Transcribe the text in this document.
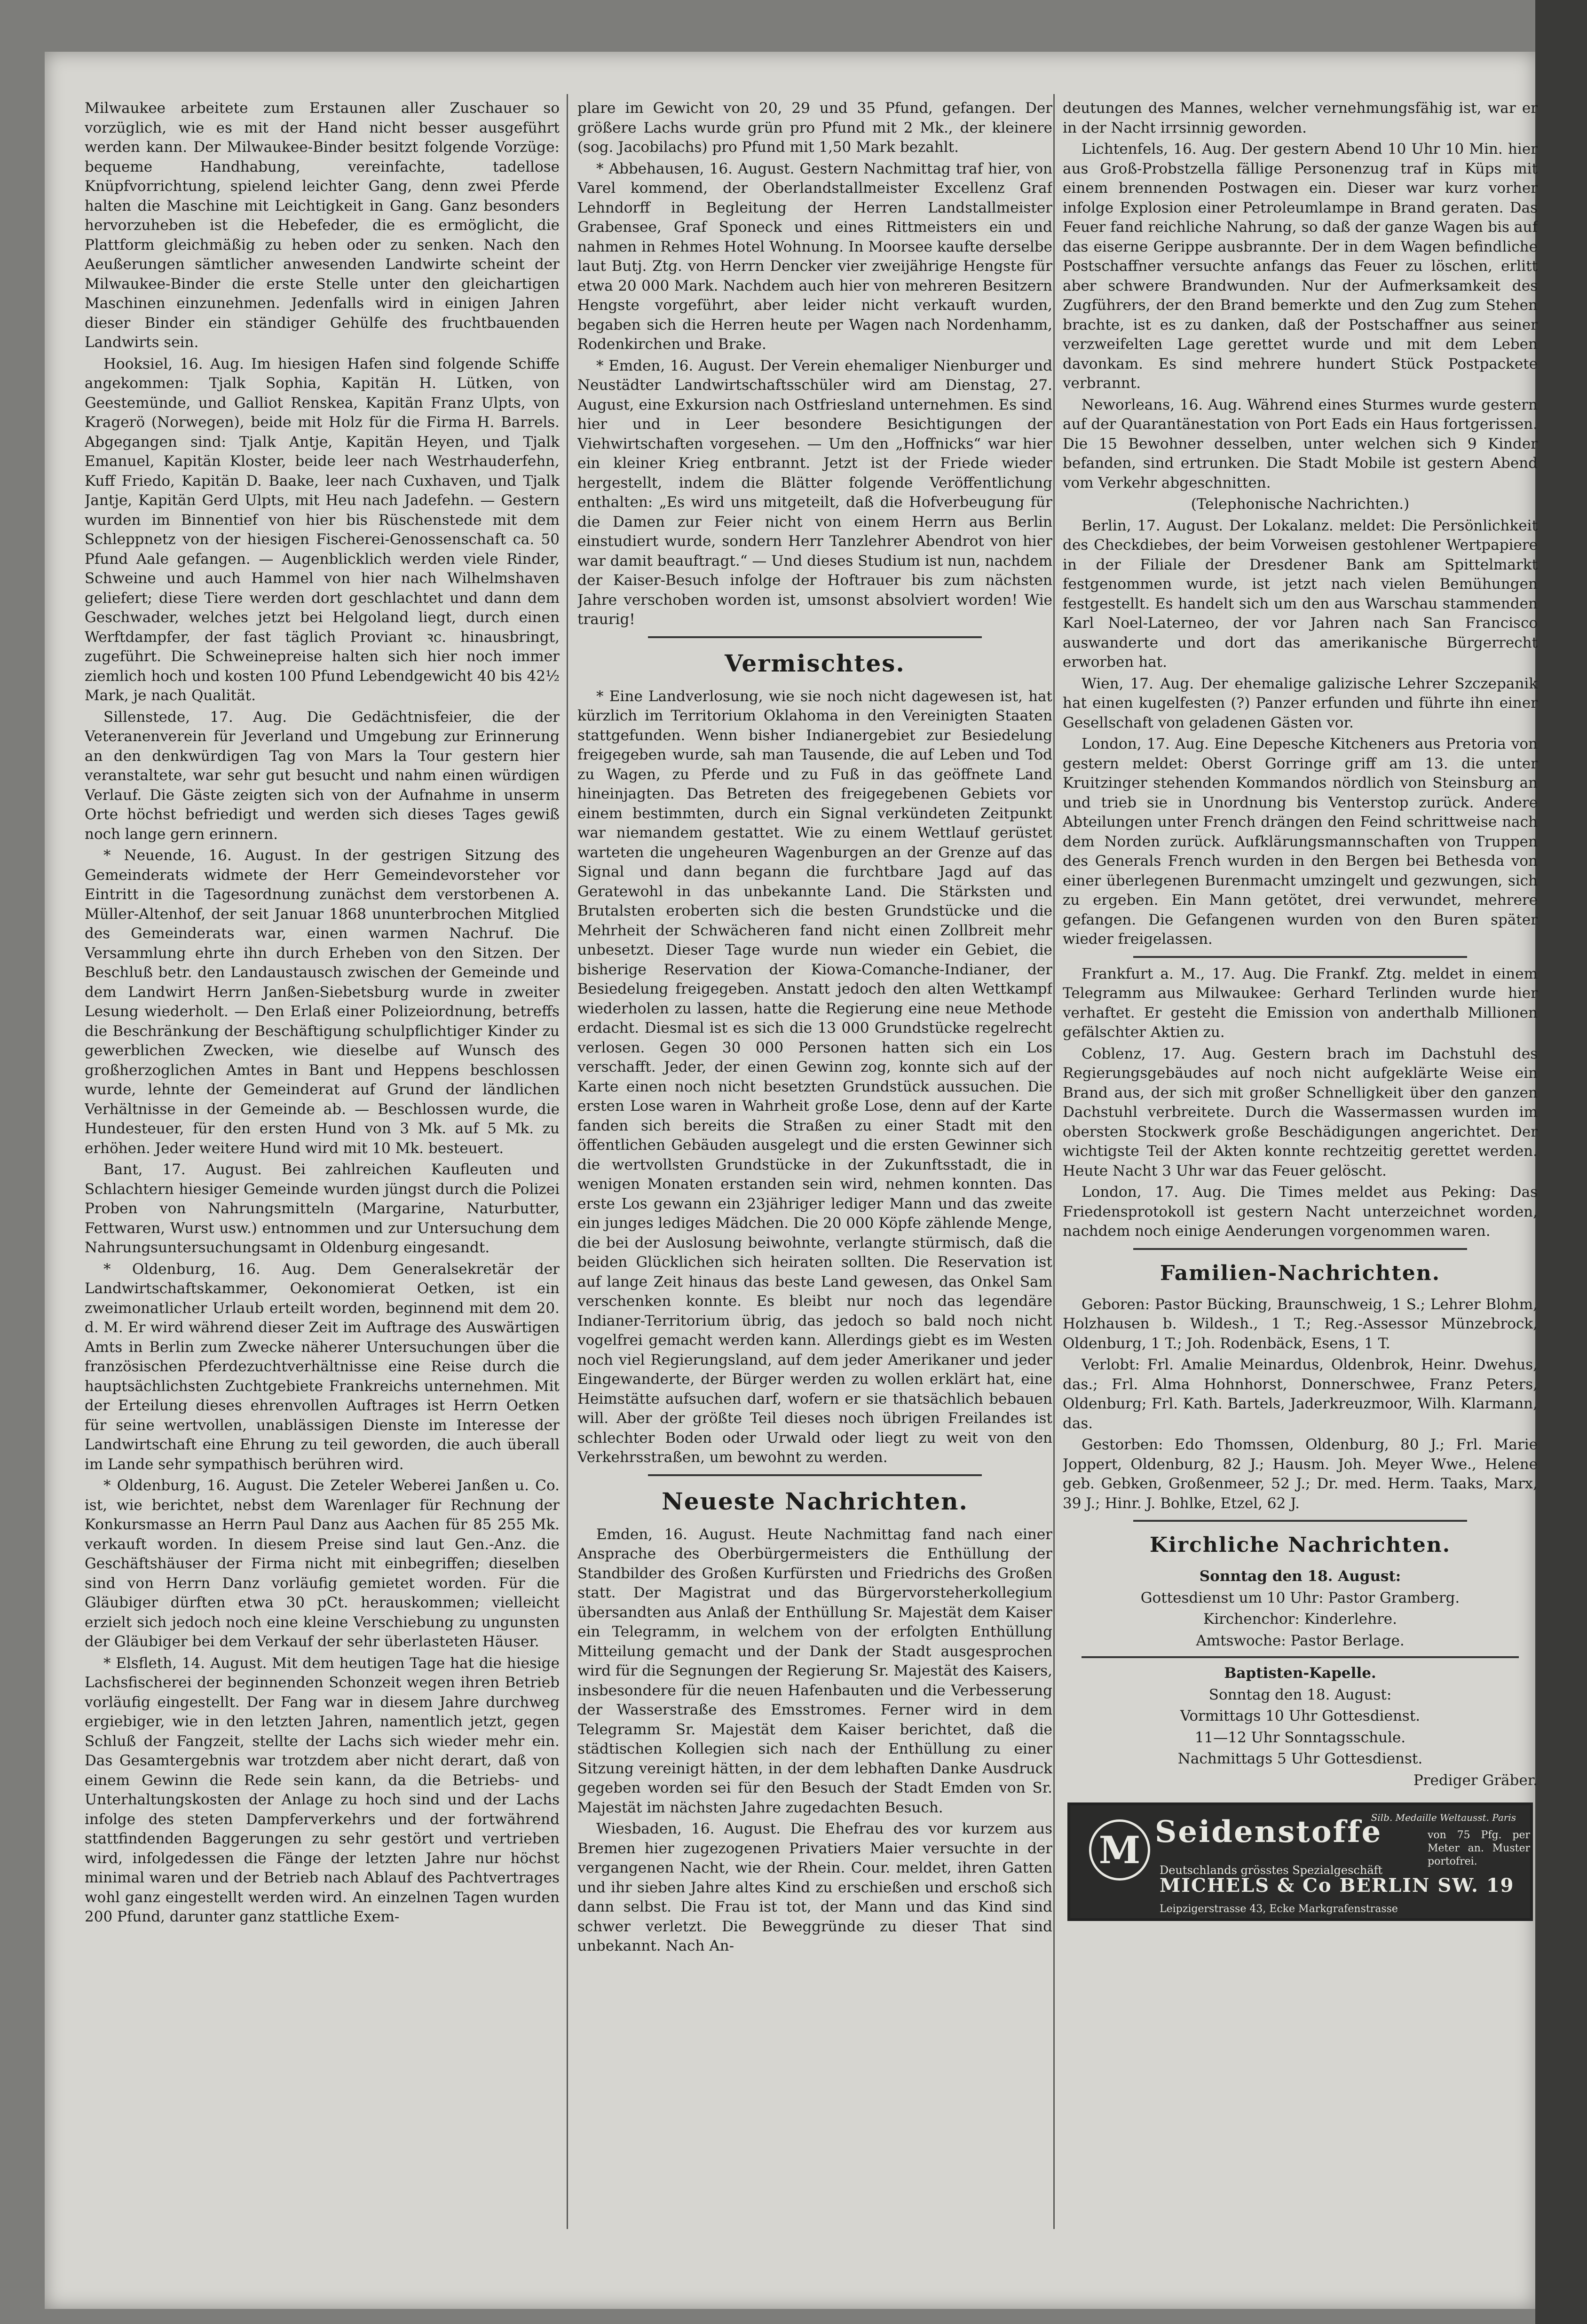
Milwaukee arbeitete zum Erstaunen aller Zuschauer so vorzüglich, wie es mit der Hand nicht besser ausgeführt werden kann. Der Milwaukee-Binder besitzt folgende Vorzüge: bequeme Handhabung, vereinfachte, tadellose Knüpfvorrichtung, spielend leichter Gang, denn zwei Pferde halten die Maschine mit Leichtigkeit in Gang. Ganz besonders hervorzuheben ist die Hebefeder, die es ermöglicht, die Plattform gleichmäßig zu heben oder zu senken. Nach den Aeußerungen sämtlicher anwesenden Landwirte scheint der Milwaukee-Binder die erste Stelle unter den gleichartigen Maschinen einzunehmen. Jedenfalls wird in einigen Jahren dieser Binder ein ständiger Gehülfe des fruchtbauenden Landwirts sein.

Hooksiel, 16. Aug. Im hiesigen Hafen sind folgende Schiffe angekommen: Tjalk Sophia, Kapitän H. Lütken, von Geestemünde, und Galliot Renskea, Kapitän Franz Ulpts, von Kragerö (Norwegen), beide mit Holz für die Firma H. Barrels. Abgegangen sind: Tjalk Antje, Kapitän Heyen, und Tjalk Emanuel, Kapitän Kloster, beide leer nach Westrhauderfehn, Kuff Friedo, Kapitän D. Baake, leer nach Cuxhaven, und Tjalk Jantje, Kapitän Gerd Ulpts, mit Heu nach Jadefehn. — Gestern wurden im Binnentief von hier bis Rüschenstede mit dem Schleppnetz von der hiesigen Fischerei-Genossenschaft ca. 50 Pfund Aale gefangen. — Augenblicklich werden viele Rinder, Schweine und auch Hammel von hier nach Wilhelmshaven geliefert; diese Tiere werden dort geschlachtet und dann dem Geschwader, welches jetzt bei Helgoland liegt, durch einen Werftdampfer, der fast täglich Proviant ꝛc. hinausbringt, zugeführt. Die Schweinepreise halten sich hier noch immer ziemlich hoch und kosten 100 Pfund Lebendgewicht 40 bis 42½ Mark, je nach Qualität.

Sillenstede, 17. Aug. Die Gedächtnisfeier, die der Veteranenverein für Jeverland und Umgebung zur Erinnerung an den denkwürdigen Tag von Mars la Tour gestern hier veranstaltete, war sehr gut besucht und nahm einen würdigen Verlauf. Die Gäste zeigten sich von der Aufnahme in unserm Orte höchst befriedigt und werden sich dieses Tages gewiß noch lange gern erinnern.

* Neuende, 16. August. In der gestrigen Sitzung des Gemeinderats widmete der Herr Gemeindevorsteher vor Eintritt in die Tagesordnung zunächst dem verstorbenen A. Müller-Altenhof, der seit Januar 1868 ununterbrochen Mitglied des Gemeinderats war, einen warmen Nachruf. Die Versammlung ehrte ihn durch Erheben von den Sitzen. Der Beschluß betr. den Landaustausch zwischen der Gemeinde und dem Landwirt Herrn Janßen-Siebetsburg wurde in zweiter Lesung wiederholt. — Den Erlaß einer Polizeiordnung, betreffs die Beschränkung der Beschäftigung schulpflichtiger Kinder zu gewerblichen Zwecken, wie dieselbe auf Wunsch des großherzoglichen Amtes in Bant und Heppens beschlossen wurde, lehnte der Gemeinderat auf Grund der ländlichen Verhältnisse in der Gemeinde ab. — Beschlossen wurde, die Hundesteuer, für den ersten Hund von 3 Mk. auf 5 Mk. zu erhöhen. Jeder weitere Hund wird mit 10 Mk. besteuert.

Bant, 17. August. Bei zahlreichen Kaufleuten und Schlachtern hiesiger Gemeinde wurden jüngst durch die Polizei Proben von Nahrungsmitteln (Margarine, Naturbutter, Fettwaren, Wurst usw.) entnommen und zur Untersuchung dem Nahrungsuntersuchungsamt in Oldenburg eingesandt.

* Oldenburg, 16. Aug. Dem Generalsekretär der Landwirtschaftskammer, Oekonomierat Oetken, ist ein zweimonatlicher Urlaub erteilt worden, beginnend mit dem 20. d. M. Er wird während dieser Zeit im Auftrage des Auswärtigen Amts in Berlin zum Zwecke näherer Untersuchungen über die französischen Pferdezuchtverhältnisse eine Reise durch die hauptsächlichsten Zuchtgebiete Frankreichs unternehmen. Mit der Erteilung dieses ehrenvollen Auftrages ist Herrn Oetken für seine wertvollen, unablässigen Dienste im Interesse der Landwirtschaft eine Ehrung zu teil geworden, die auch überall im Lande sehr sympathisch berühren wird.

* Oldenburg, 16. August. Die Zeteler Weberei Janßen u. Co. ist, wie berichtet, nebst dem Warenlager für Rechnung der Konkursmasse an Herrn Paul Danz aus Aachen für 85 255 Mk. verkauft worden. In diesem Preise sind laut Gen.-Anz. die Geschäftshäuser der Firma nicht mit einbegriffen; dieselben sind von Herrn Danz vorläufig gemietet worden. Für die Gläubiger dürften etwa 30 pCt. herauskommen; vielleicht erzielt sich jedoch noch eine kleine Verschiebung zu ungunsten der Gläubiger bei dem Verkauf der sehr überlasteten Häuser.

* Elsfleth, 14. August. Mit dem heutigen Tage hat die hiesige Lachsfischerei der beginnenden Schonzeit wegen ihren Betrieb vorläufig eingestellt. Der Fang war in diesem Jahre durchweg ergiebiger, wie in den letzten Jahren, namentlich jetzt, gegen Schluß der Fangzeit, stellte der Lachs sich wieder mehr ein. Das Gesamtergebnis war trotzdem aber nicht derart, daß von einem Gewinn die Rede sein kann, da die Betriebs- und Unterhaltungskosten der Anlage zu hoch sind und der Lachs infolge des steten Dampferverkehrs und der fortwährend stattfindenden Baggerungen zu sehr gestört und vertrieben wird, infolgedessen die Fänge der letzten Jahre nur höchst minimal waren und der Betrieb nach Ablauf des Pachtvertrages wohl ganz eingestellt werden wird. An einzelnen Tagen wurden 200 Pfund, darunter ganz stattliche Exem-

plare im Gewicht von 20, 29 und 35 Pfund, gefangen. Der größere Lachs wurde grün pro Pfund mit 2 Mk., der kleinere (sog. Jacobilachs) pro Pfund mit 1,50 Mark bezahlt.

* Abbehausen, 16. August. Gestern Nachmittag traf hier, von Varel kommend, der Oberlandstallmeister Excellenz Graf Lehndorff in Begleitung der Herren Landstallmeister Grabensee, Graf Sponeck und eines Rittmeisters ein und nahmen in Rehmes Hotel Wohnung. In Moorsee kaufte derselbe laut Butj. Ztg. von Herrn Dencker vier zweijährige Hengste für etwa 20 000 Mark. Nachdem auch hier von mehreren Besitzern Hengste vorgeführt, aber leider nicht verkauft wurden, begaben sich die Herren heute per Wagen nach Nordenhamm, Rodenkirchen und Brake.

* Emden, 16. August. Der Verein ehemaliger Nienburger und Neustädter Landwirtschaftsschüler wird am Dienstag, 27. August, eine Exkursion nach Ostfriesland unternehmen. Es sind hier und in Leer besondere Besichtigungen der Viehwirtschaften vorgesehen. — Um den „Hoffnicks“ war hier ein kleiner Krieg entbrannt. Jetzt ist der Friede wieder hergestellt, indem die Blätter folgende Veröffentlichung enthalten: „Es wird uns mitgeteilt, daß die Hofverbeugung für die Damen zur Feier nicht von einem Herrn aus Berlin einstudiert wurde, sondern Herr Tanzlehrer Abendrot von hier war damit beauftragt.“ — Und dieses Studium ist nun, nachdem der Kaiser-Besuch infolge der Hoftrauer bis zum nächsten Jahre verschoben worden ist, umsonst absolviert worden! Wie traurig!

Vermischtes.

* Eine Landverlosung, wie sie noch nicht dagewesen ist, hat kürzlich im Territorium Oklahoma in den Vereinigten Staaten stattgefunden. Wenn bisher Indianergebiet zur Besiedelung freigegeben wurde, sah man Tausende, die auf Leben und Tod zu Wagen, zu Pferde und zu Fuß in das geöffnete Land hineinjagten. Das Betreten des freigegebenen Gebiets vor einem bestimmten, durch ein Signal verkündeten Zeitpunkt war niemandem gestattet. Wie zu einem Wettlauf gerüstet warteten die ungeheuren Wagenburgen an der Grenze auf das Signal und dann begann die furchtbare Jagd auf das Geratewohl in das unbekannte Land. Die Stärksten und Brutalsten eroberten sich die besten Grundstücke und die Mehrheit der Schwächeren fand nicht einen Zollbreit mehr unbesetzt. Dieser Tage wurde nun wieder ein Gebiet, die bisherige Reservation der Kiowa-Comanche-Indianer, der Besiedelung freigegeben. Anstatt jedoch den alten Wettkampf wiederholen zu lassen, hatte die Regierung eine neue Methode erdacht. Diesmal ist es sich die 13 000 Grundstücke regelrecht verlosen. Gegen 30 000 Personen hatten sich ein Los verschafft. Jeder, der einen Gewinn zog, konnte sich auf der Karte einen noch nicht besetzten Grundstück aussuchen. Die ersten Lose waren in Wahrheit große Lose, denn auf der Karte fanden sich bereits die Straßen zu einer Stadt mit den öffentlichen Gebäuden ausgelegt und die ersten Gewinner sich die wertvollsten Grundstücke in der Zukunftsstadt, die in wenigen Monaten erstanden sein wird, nehmen konnten. Das erste Los gewann ein 23jähriger lediger Mann und das zweite ein junges lediges Mädchen. Die 20 000 Köpfe zählende Menge, die bei der Auslosung beiwohnte, verlangte stürmisch, daß die beiden Glücklichen sich heiraten sollten. Die Reservation ist auf lange Zeit hinaus das beste Land gewesen, das Onkel Sam verschenken konnte. Es bleibt nur noch das legendäre Indianer-Territorium übrig, das jedoch so bald noch nicht vogelfrei gemacht werden kann. Allerdings giebt es im Westen noch viel Regierungsland, auf dem jeder Amerikaner und jeder Eingewanderte, der Bürger werden zu wollen erklärt hat, eine Heimstätte aufsuchen darf, wofern er sie thatsächlich bebauen will. Aber der größte Teil dieses noch übrigen Freilandes ist schlechter Boden oder Urwald oder liegt zu weit von den Verkehrsstraßen, um bewohnt zu werden.

Neueste Nachrichten.

Emden, 16. August. Heute Nachmittag fand nach einer Ansprache des Oberbürgermeisters die Enthüllung der Standbilder des Großen Kurfürsten und Friedrichs des Großen statt. Der Magistrat und das Bürgervorsteherkollegium übersandten aus Anlaß der Enthüllung Sr. Majestät dem Kaiser ein Telegramm, in welchem von der erfolgten Enthüllung Mitteilung gemacht und der Dank der Stadt ausgesprochen wird für die Segnungen der Regierung Sr. Majestät des Kaisers, insbesondere für die neuen Hafenbauten und die Verbesserung der Wasserstraße des Emsstromes. Ferner wird in dem Telegramm Sr. Majestät dem Kaiser berichtet, daß die städtischen Kollegien sich nach der Enthüllung zu einer Sitzung vereinigt hätten, in der dem lebhaften Danke Ausdruck gegeben worden sei für den Besuch der Stadt Emden von Sr. Majestät im nächsten Jahre zugedachten Besuch.

Wiesbaden, 16. August. Die Ehefrau des vor kurzem aus Bremen hier zugezogenen Privatiers Maier versuchte in der vergangenen Nacht, wie der Rhein. Cour. meldet, ihren Gatten und ihr sieben Jahre altes Kind zu erschießen und erschoß sich dann selbst. Die Frau ist tot, der Mann und das Kind sind schwer verletzt. Die Beweggründe zu dieser That sind unbekannt. Nach An-

deutungen des Mannes, welcher vernehmungsfähig ist, war er in der Nacht irrsinnig geworden.

Lichtenfels, 16. Aug. Der gestern Abend 10 Uhr 10 Min. hier aus Groß-Probstzella fällige Personenzug traf in Küps mit einem brennenden Postwagen ein. Dieser war kurz vorher infolge Explosion einer Petroleumlampe in Brand geraten. Das Feuer fand reichliche Nahrung, so daß der ganze Wagen bis auf das eiserne Gerippe ausbrannte. Der in dem Wagen befindliche Postschaffner versuchte anfangs das Feuer zu löschen, erlitt aber schwere Brandwunden. Nur der Aufmerksamkeit des Zugführers, der den Brand bemerkte und den Zug zum Stehen brachte, ist es zu danken, daß der Postschaffner aus seiner verzweifelten Lage gerettet wurde und mit dem Leben davonkam. Es sind mehrere hundert Stück Postpackete verbrannt.

Neworleans, 16. Aug. Während eines Sturmes wurde gestern auf der Quarantänestation von Port Eads ein Haus fortgerissen. Die 15 Bewohner desselben, unter welchen sich 9 Kinder befanden, sind ertrunken. Die Stadt Mobile ist gestern Abend vom Verkehr abgeschnitten.

(Telephonische Nachrichten.)

Berlin, 17. August. Der Lokalanz. meldet: Die Persönlichkeit des Checkdiebes, der beim Vorweisen gestohlener Wertpapiere in der Filiale der Dresdener Bank am Spittelmarkt festgenommen wurde, ist jetzt nach vielen Bemühungen festgestellt. Es handelt sich um den aus Warschau stammenden Karl Noel-Laterneo, der vor Jahren nach San Francisco auswanderte und dort das amerikanische Bürgerrecht erworben hat.

Wien, 17. Aug. Der ehemalige galizische Lehrer Szczepanik hat einen kugelfesten (?) Panzer erfunden und führte ihn einer Gesellschaft von geladenen Gästen vor.

London, 17. Aug. Eine Depesche Kitcheners aus Pretoria von gestern meldet: Oberst Gorringe griff am 13. die unter Kruitzinger stehenden Kommandos nördlich von Steinsburg an und trieb sie in Unordnung bis Venterstop zurück. Andere Abteilungen unter French drängen den Feind schrittweise nach dem Norden zurück. Aufklärungsmannschaften von Truppen des Generals French wurden in den Bergen bei Bethesda von einer überlegenen Burenmacht umzingelt und gezwungen, sich zu ergeben. Ein Mann getötet, drei verwundet, mehrere gefangen. Die Gefangenen wurden von den Buren später wieder freigelassen.

Frankfurt a. M., 17. Aug. Die Frankf. Ztg. meldet in einem Telegramm aus Milwaukee: Gerhard Terlinden wurde hier verhaftet. Er gesteht die Emission von anderthalb Millionen gefälschter Aktien zu.

Coblenz, 17. Aug. Gestern brach im Dachstuhl des Regierungsgebäudes auf noch nicht aufgeklärte Weise ein Brand aus, der sich mit großer Schnelligkeit über den ganzen Dachstuhl verbreitete. Durch die Wassermassen wurden im obersten Stockwerk große Beschädigungen angerichtet. Der wichtigste Teil der Akten konnte rechtzeitig gerettet werden. Heute Nacht 3 Uhr war das Feuer gelöscht.

London, 17. Aug. Die Times meldet aus Peking: Das Friedensprotokoll ist gestern Nacht unterzeichnet worden, nachdem noch einige Aenderungen vorgenommen waren.

Familien-Nachrichten.

Geboren: Pastor Bücking, Braunschweig, 1 S.; Lehrer Blohm, Holzhausen b. Wildesh., 1 T.; Reg.-Assessor Münzebrock, Oldenburg, 1 T.; Joh. Rodenbäck, Esens, 1 T.

Verlobt: Frl. Amalie Meinardus, Oldenbrok, Heinr. Dwehus, das.; Frl. Alma Hohnhorst, Donnerschwee, Franz Peters, Oldenburg; Frl. Kath. Bartels, Jaderkreuzmoor, Wilh. Klarmann, das.

Gestorben: Edo Thomssen, Oldenburg, 80 J.; Frl. Marie Joppert, Oldenburg, 82 J.; Hausm. Joh. Meyer Wwe., Helene geb. Gebken, Großenmeer, 52 J.; Dr. med. Herm. Taaks, Marx, 39 J.; Hinr. J. Bohlke, Etzel, 62 J.

Kirchliche Nachrichten.

Sonntag den 18. August:

Gottesdienst um 10 Uhr: Pastor Gramberg.

Kirchenchor: Kinderlehre.

Amtswoche: Pastor Berlage.

Baptisten-Kapelle.

Sonntag den 18. August:

Vormittags 10 Uhr Gottesdienst.

11—12 Uhr Sonntagsschule.

Nachmittags 5 Uhr Gottesdienst.

Prediger Gräber.

Silb. Medaille Weltausst. Paris
M Seidenstoffe	von 75 Pfg. per Meter an. Muster portofrei.
Deutschlands grösstes Spezialgeschäft
MICHELS & Co BERLIN SW. 19
Leipzigerstrasse 43, Ecke Markgrafenstrasse
